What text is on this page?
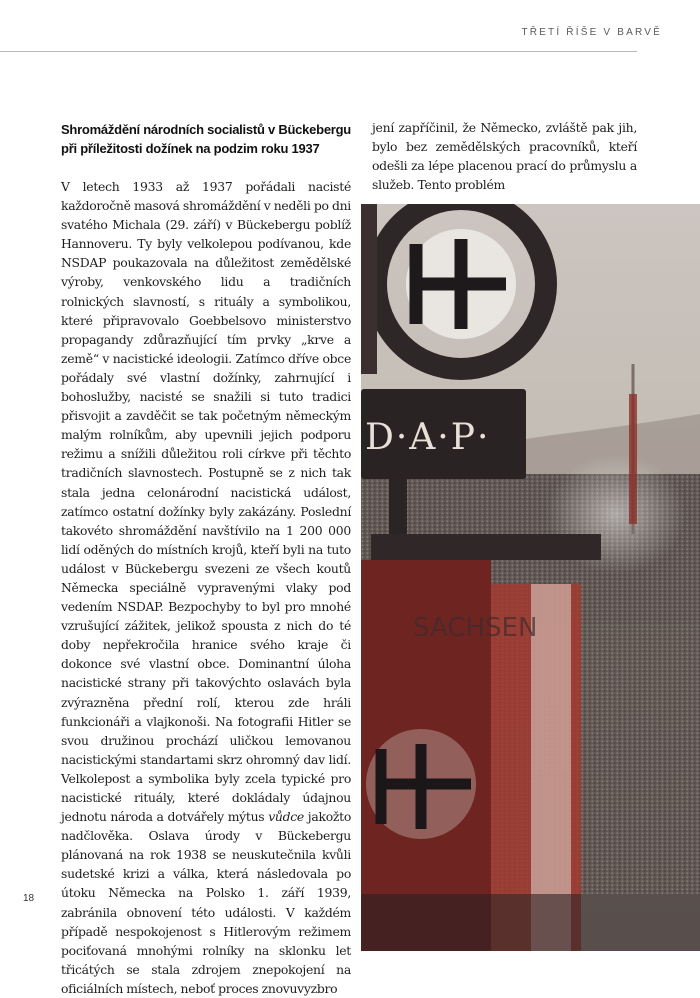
TŘETÍ ŘÍŠE V BARVĚ
Shromáždění národních socialistů v Bückebergu
při příležitosti dožínek na podzim roku 1937
V letech 1933 až 1937 pořádali nacisté každoročně masová shromáždění v neděli po dni svatého Michala (29. září) v Bückebergu poblíž Hannoveru. Ty byly velkolepou podívanou, kde NSDAP poukazovala na důležitost zemědělské výroby, venkovského lidu a tradičních rolnických slavností, s rituály a symbolikou, které připravovalo Goebbelsovo ministerstvo propagandy zdůrazňující tím prvky „krve a země“ v nacistické ideologii. Zatímco dříve obce pořádaly své vlastní dožínky, zahrnující i bohoslužby, nacisté se snažili si tuto tradici přisvojit a zavděčit se tak početným německým malým rolníkům, aby upevnili jejich podporu režimu a snížili důležitou roli církve při těchto tradičních slavnostech. Postupně se z nich tak stala jedna celonárodní nacistická událost, zatímco ostatní dožínky byly zakázány. Poslední takovéto shromáždění navštívilo na 1 200 000 lidí oděných do místních krojů, kteří byli na tuto událost v Bückebergu svezeni ze všech koutů Německa speciálně vypravenými vlaky pod vedením NSDAP. Bezpochyby to byl pro mnohé vzrušující zážitek, jelikož spousta z nich do té doby nepřekročila hranice svého kraje či dokonce své vlastní obce. Dominantní úloha nacistické strany při takovýchto oslavách byla zvýrazněna přední rolí, kterou zde hráli funkcionáři a vlajkonoši. Na fotografii Hitler se svou družinou prochází uličkou lemovanou nacistickými standartami skrz ohromný dav lidí. Velkolepost a symbolika byly zcela typické pro nacistické rituály, které dokládaly údajnou jednotu národa a dotvářely mýtus vůdce jakožto nadčlověka. Oslava úrody v Bückebergu plánovaná na rok 1938 se neuskutečnila kvůli sudetské krizi a válka, která následovala po útoku Německa na Polsko 1. září 1939, zabránila obnovení této události. V každém případě nespokojenost s Hitlerovým režimem pociťovaná mnohými rolníky na sklonku let třicátých se stala zdrojem znepokojení na oficiálních místech, neboť proces znovuvyzbro
jení zapříčinil, že Německo, zvláště pak jih, bylo bez zemědělských pracovníků, kteří odešli za lépe placenou prací do průmyslu a služeb. Tento problém
D·A·P·
SACHSEN
18
